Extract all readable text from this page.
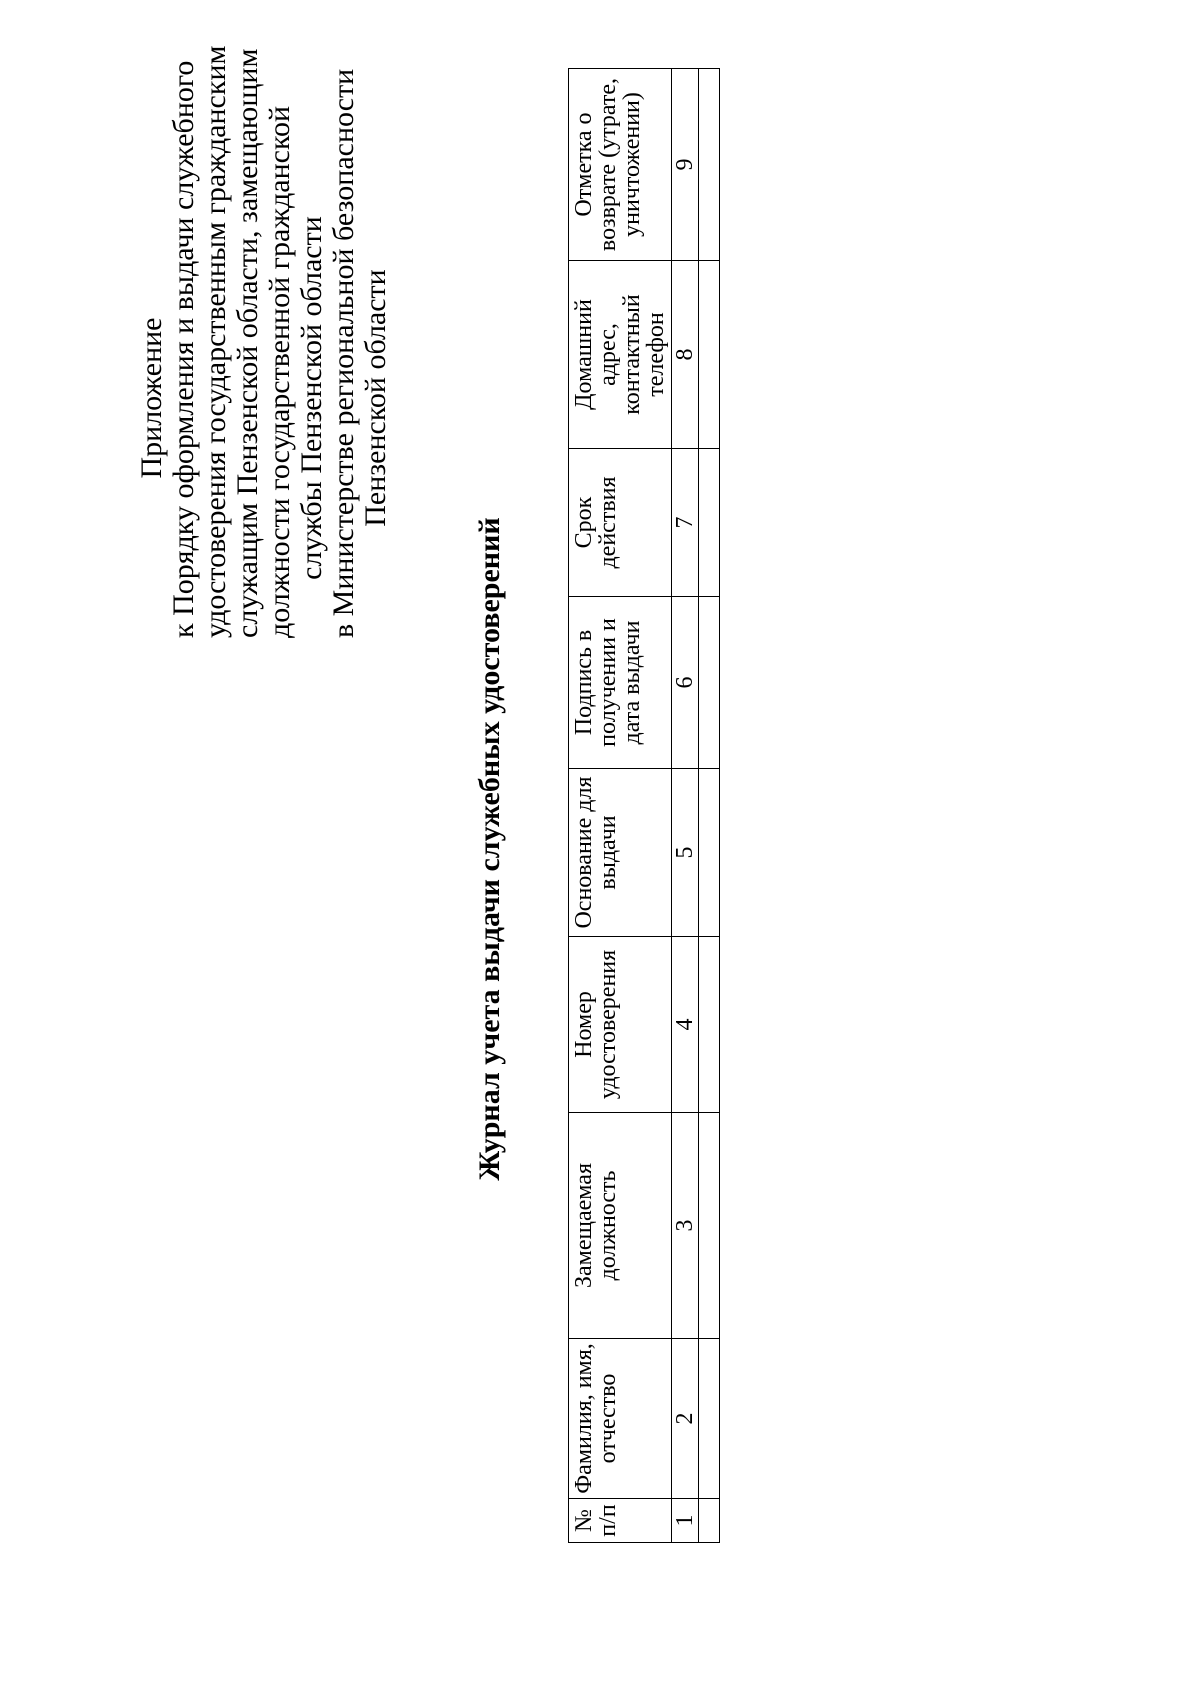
Приложение к Порядку оформления и выдачи служебного удостоверения государственным гражданским служащим Пензенской области, замещающим должности государственной гражданской службы Пензенской области в Министерстве региональной безопасности Пензенской области
Журнал учета выдачи служебных удостоверений
№ п/п	Фамилия, имя, отчество	Замещаемая должность	Номер удостоверения	Основание для выдачи	Подпись в получении и дата выдачи	Срок действия	Домашний адрес, контактный телефон	Отметка о возврате (утрате, уничтожении)
1	2	3	4	5	6	7	8	9
